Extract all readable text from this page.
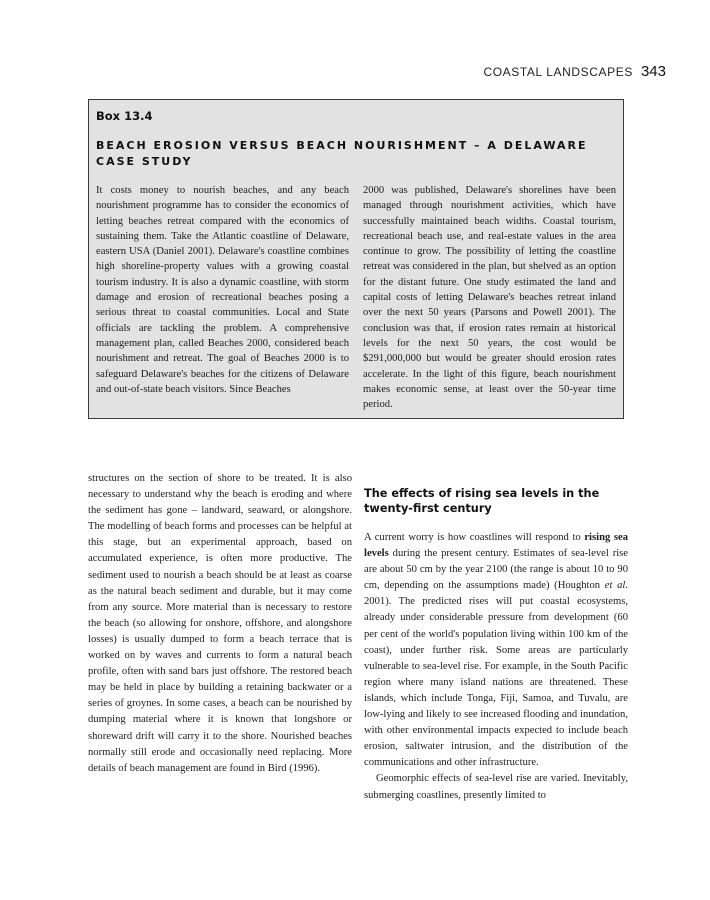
COASTAL LANDSCAPES 343
Box 13.4
BEACH EROSION VERSUS BEACH NOURISHMENT – A DELAWARE CASE STUDY
It costs money to nourish beaches, and any beach nourishment programme has to consider the economics of letting beaches retreat compared with the economics of sustaining them. Take the Atlantic coastline of Delaware, eastern USA (Daniel 2001). Delaware's coastline combines high shoreline-property values with a growing coastal tourism industry. It is also a dynamic coastline, with storm damage and erosion of recreational beaches posing a serious threat to coastal communities. Local and State officials are tackling the problem. A comprehensive management plan, called Beaches 2000, considered beach nourishment and retreat. The goal of Beaches 2000 is to safeguard Delaware's beaches for the citizens of Delaware and out-of-state beach visitors. Since Beaches
2000 was published, Delaware's shorelines have been managed through nourishment activities, which have successfully maintained beach widths. Coastal tourism, recreational beach use, and real-estate values in the area continue to grow. The possibility of letting the coastline retreat was considered in the plan, but shelved as an option for the distant future. One study estimated the land and capital costs of letting Delaware's beaches retreat inland over the next 50 years (Parsons and Powell 2001). The conclusion was that, if erosion rates remain at historical levels for the next 50 years, the cost would be $291,000,000 but would be greater should erosion rates accelerate. In the light of this figure, beach nourishment makes economic sense, at least over the 50-year time period.

structures on the section of shore to be treated. It is also necessary to understand why the beach is eroding and where the sediment has gone – landward, seaward, or alongshore. The modelling of beach forms and processes can be helpful at this stage, but an experimental approach, based on accumulated experience, is often more productive. The sediment used to nourish a beach should be at least as coarse as the natural beach sediment and durable, but it may come from any source. More material than is necessary to restore the beach (so allowing for onshore, offshore, and alongshore losses) is usually dumped to form a beach terrace that is worked on by waves and currents to form a natural beach profile, often with sand bars just offshore. The restored beach may be held in place by building a retaining backwater or a series of groynes. In some cases, a beach can be nourished by dumping material where it is known that longshore or shoreward drift will carry it to the shore. Nourished beaches normally still erode and occasionally need replacing. More details of beach management are found in Bird (1996).

The effects of rising sea levels in the twenty-first century

A current worry is how coastlines will respond to rising sea levels during the present century. Estimates of sea-level rise are about 50 cm by the year 2100 (the range is about 10 to 90 cm, depending on the assumptions made) (Houghton et al. 2001). The predicted rises will put coastal ecosystems, already under considerable pressure from development (60 per cent of the world's population living within 100 km of the coast), under further risk. Some areas are particularly vulnerable to sea-level rise. For example, in the South Pacific region where many island nations are threatened. These islands, which include Tonga, Fiji, Samoa, and Tuvalu, are low-lying and likely to see increased flooding and inundation, with other environmental impacts expected to include beach erosion, saltwater intrusion, and the distribution of the communications and other infrastructure.

Geomorphic effects of sea-level rise are varied. Inevitably, submerging coastlines, presently limited to
